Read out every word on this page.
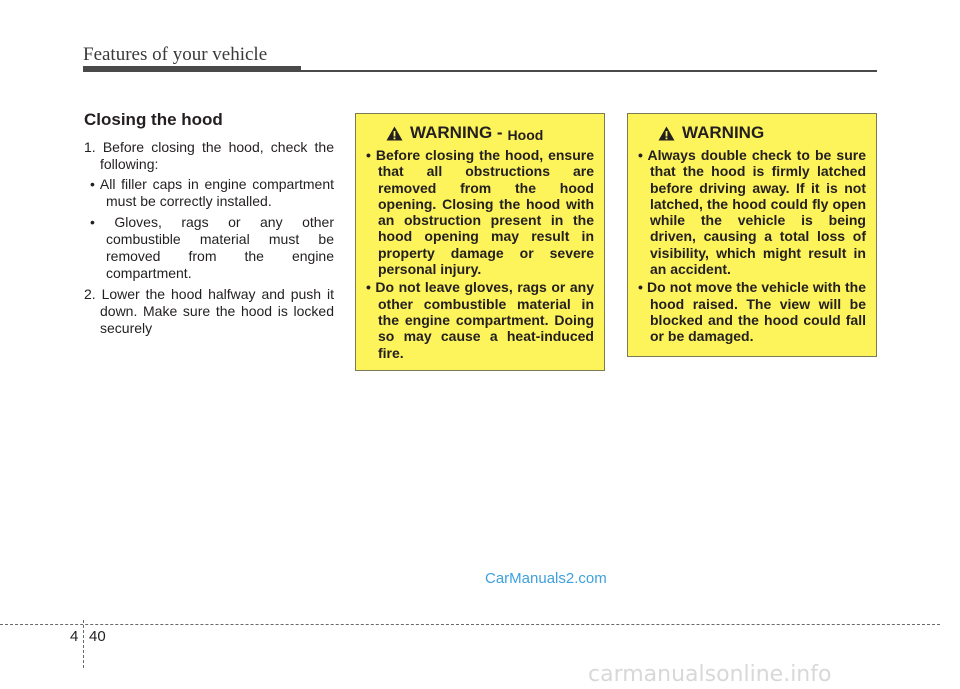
Features of your vehicle
Closing the hood
1. Before closing the hood, check the following:
• All filler caps in engine compartment must be correctly installed.
• Gloves, rags or any other combustible material must be removed from the engine compartment.
2. Lower the hood halfway and push it down. Make sure the hood is locked securely
WARNING - Hood
• Before closing the hood, ensure that all obstructions are removed from the hood opening. Closing the hood with an obstruction present in the hood opening may result in property damage or severe personal injury.
• Do not leave gloves, rags or any other combustible material in the engine compartment. Doing so may cause a heat-induced fire.
WARNING
• Always double check to be sure that the hood is firmly latched before driving away. If it is not latched, the hood could fly open while the vehicle is being driven, causing a total loss of visibility, which might result in an accident.
• Do not move the vehicle with the hood raised. The view will be blocked and the hood could fall or be damaged.
CarManuals2.com
4 40
carmanualsonline.info
